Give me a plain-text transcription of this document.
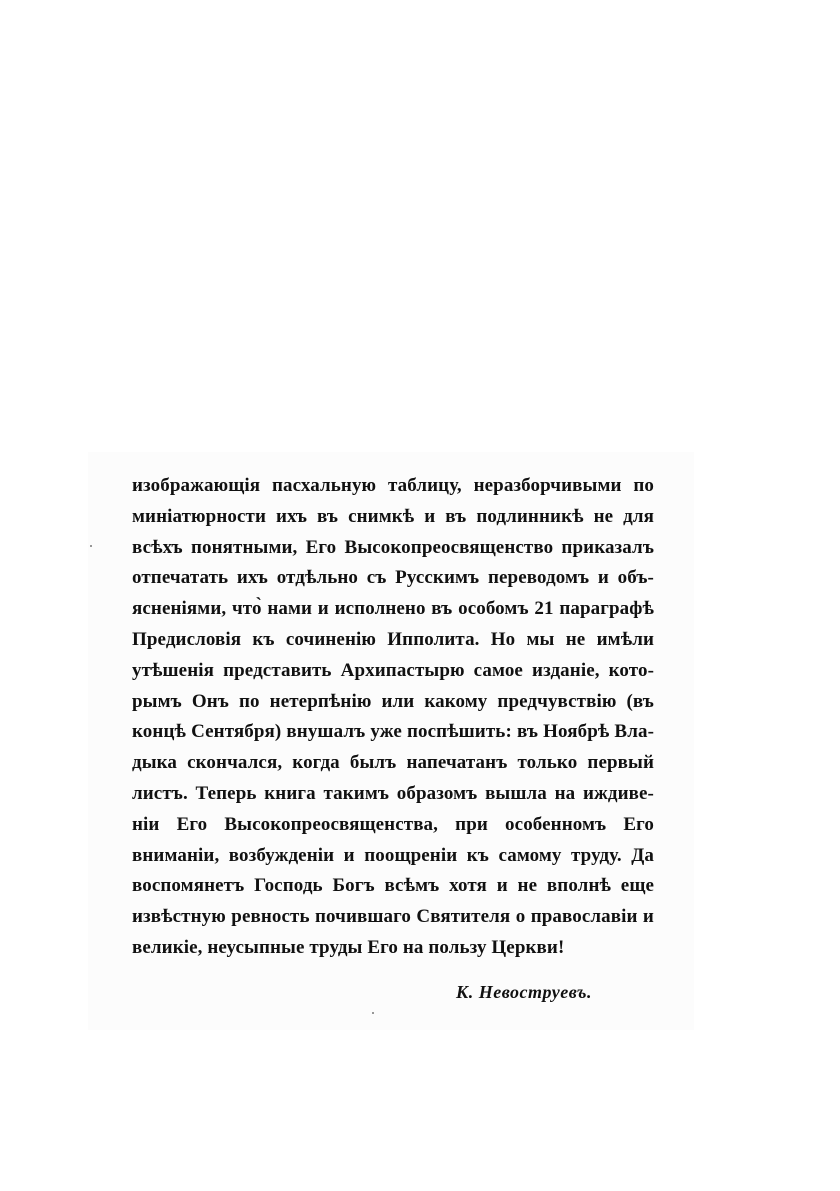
изображающія пасхальную таблицу, неразборчивыми по
миніатюрности ихъ въ снимкѣ и въ подлинникѣ не для
всѣхъ понятными, Его Высокопреосвященство приказалъ
отпечатать ихъ отдѣльно съ Русскимъ переводомъ и объ-
ясненіями, что̀ нами и исполнено въ особомъ 21 параграфѣ
Предисловія къ сочиненію Ипполита. Но мы не имѣли
утѣшенія представить Архипастырю самое изданіе, кото-
рымъ Онъ по нетерпѣнію или какому предчувствію (въ
концѣ Сентября) внушалъ уже поспѣшить: въ Ноябрѣ Вла-
дыка скончался, когда былъ напечатанъ только первый
листъ. Теперь книга такимъ образомъ вышла на иждиве-
ніи Его Высокопреосвященства, при особенномъ Его
вниманіи, возбужденіи и поощреніи къ самому труду. Да
воспомянетъ Господь Богъ всѣмъ хотя и не вполнѣ еще
извѣстную ревность почившаго Святителя о православіи и
великіе, неусыпные труды Его на пользу Церкви!
К. Невоструевъ.
